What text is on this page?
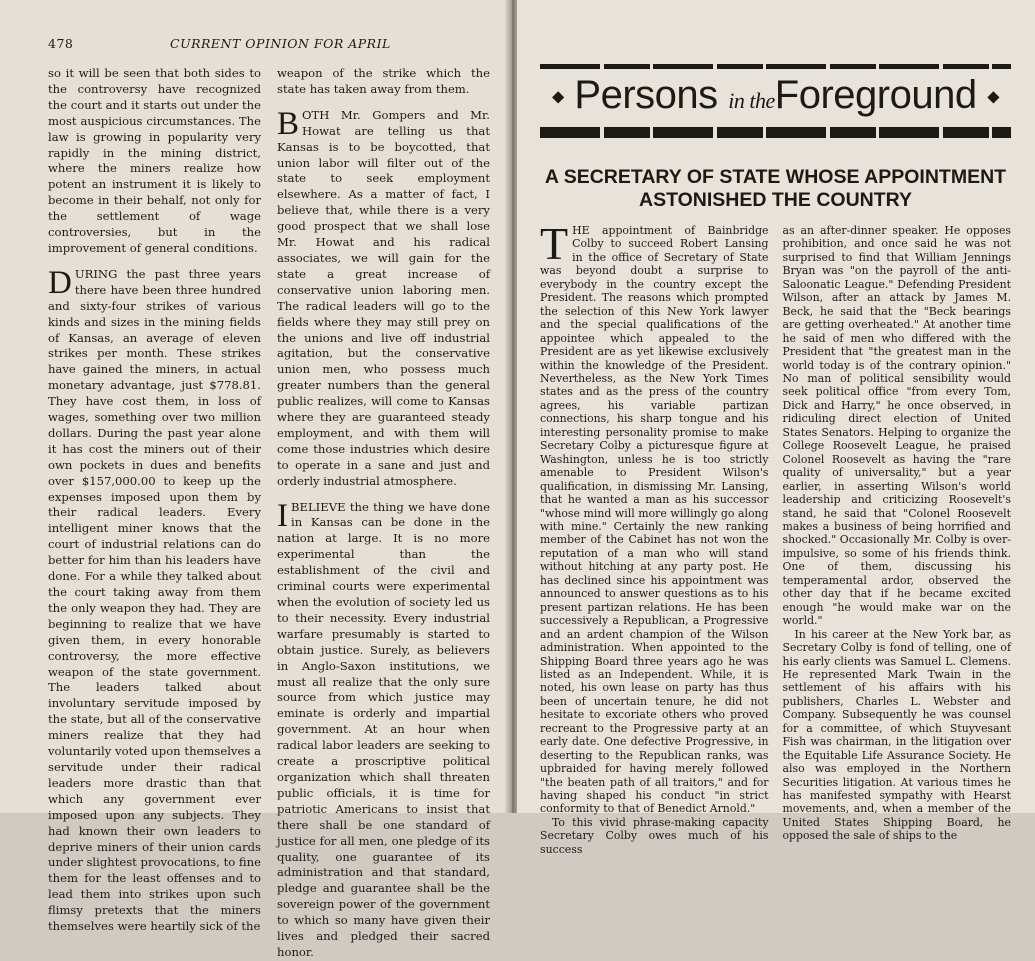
478	CURRENT OPINION FOR APRIL

so it will be seen that both sides to the controversy have recognized the court and it starts out under the most auspicious circumstances. The law is growing in popularity very rapidly in the mining district, where the miners realize how potent an instrument it is likely to become in their behalf, not only for the settlement of wage controversies, but in the improvement of general conditions.

DURING the past three years there have been three hundred and sixty-four strikes of various kinds and sizes in the mining fields of Kansas, an average of eleven strikes per month. These strikes have gained the miners, in actual monetary advantage, just $778.81. They have cost them, in loss of wages, something over two million dollars. During the past year alone it has cost the miners out of their own pockets in dues and benefits over $157,000.00 to keep up the expenses imposed upon them by their radical leaders. Every intelligent miner knows that the court of industrial relations can do better for him than his leaders have done. For a while they talked about the court taking away from them the only weapon they had. They are beginning to realize that we have given them, in every honorable controversy, the more effective weapon of the state government. The leaders talked about involuntary servitude imposed by the state, but all of the conservative miners realize that they had voluntarily voted upon themselves a servitude under their radical leaders more drastic than that which any government ever imposed upon any subjects. They had known their own leaders to deprive miners of their union cards under slightest provocations, to fine them for the least offenses and to lead them into strikes upon such flimsy pretexts that the miners themselves were heartily sick of the

weapon of the strike which the state has taken away from them.

BOTH Mr. Gompers and Mr. Howat are telling us that Kansas is to be boycotted, that union labor will filter out of the state to seek employment elsewhere. As a matter of fact, I believe that, while there is a very good prospect that we shall lose Mr. Howat and his radical associates, we will gain for the state a great increase of conservative union laboring men. The radical leaders will go to the fields where they may still prey on the unions and live off industrial agitation, but the conservative union men, who possess much greater numbers than the general public realizes, will come to Kansas where they are guaranteed steady employment, and with them will come those industries which desire to operate in a sane and just and orderly industrial atmosphere.

I BELIEVE the thing we have done in Kansas can be done in the nation at large. It is no more experimental than the establishment of the civil and criminal courts were experimental when the evolution of society led us to their necessity. Every industrial warfare presumably is started to obtain justice. Surely, as believers in Anglo-Saxon institutions, we must all realize that the only sure source from which justice may eminate is orderly and impartial government. At an hour when radical labor leaders are seeking to create a proscriptive political organization which shall threaten public officials, it is time for patriotic Americans to insist that there shall be one standard of justice for all men, one pledge of its quality, one guarantee of its administration and that standard, pledge and guarantee shall be the sovereign power of the government to which so many have given their lives and pledged their sacred honor.

◆ Persons in theForeground ◆
A SECRETARY OF STATE WHOSE APPOINTMENT ASTONISHED THE COUNTRY

THE appointment of Bainbridge Colby to succeed Robert Lansing in the office of Secretary of State was beyond doubt a surprise to everybody in the country except the President. The reasons which prompted the selection of this New York lawyer and the special qualifications of the appointee which appealed to the President are as yet likewise exclusively within the knowledge of the President. Nevertheless, as the New York Times states and as the press of the country agrees, his variable partizan connections, his sharp tongue and his interesting personality promise to make Secretary Colby a picturesque figure at Washington, unless he is too strictly amenable to President Wilson's qualification, in dismissing Mr. Lansing, that he wanted a man as his successor "whose mind will more willingly go along with mine." Certainly the new ranking member of the Cabinet has not won the reputation of a man who will stand without hitching at any party post. He has declined since his appointment was announced to answer questions as to his present partizan relations. He has been successively a Republican, a Progressive and an ardent champion of the Wilson administration. When appointed to the Shipping Board three years ago he was listed as an Independent. While, it is noted, his own lease on party has thus been of uncertain tenure, he did not hesitate to excoriate others who proved recreant to the Progressive party at an early date. One defective Progressive, in deserting to the Republican ranks, was upbraided for having merely followed "the beaten path of all traitors," and for having shaped his conduct "in strict conformity to that of Benedict Arnold."

To this vivid phrase-making capacity Secretary Colby owes much of his success

as an after-dinner speaker. He opposes prohibition, and once said he was not surprised to find that William Jennings Bryan was "on the payroll of the anti-Saloonatic League." Defending President Wilson, after an attack by James M. Beck, he said that the "Beck bearings are getting overheated." At another time he said of men who differed with the President that "the greatest man in the world today is of the contrary opinion." No man of political sensibility would seek political office "from every Tom, Dick and Harry," he once observed, in ridiculing direct election of United States Senators. Helping to organize the College Roosevelt League, he praised Colonel Roosevelt as having the "rare quality of universality," but a year earlier, in asserting Wilson's world leadership and criticizing Roosevelt's stand, he said that "Colonel Roosevelt makes a business of being horrified and shocked." Occasionally Mr. Colby is over-impulsive, so some of his friends think. One of them, discussing his temperamental ardor, observed the other day that if he became excited enough "he would make war on the world."

In his career at the New York bar, as Secretary Colby is fond of telling, one of his early clients was Samuel L. Clemens. He represented Mark Twain in the settlement of his affairs with his publishers, Charles L. Webster and Company. Subsequently he was counsel for a committee, of which Stuyvesant Fish was chairman, in the litigation over the Equitable Life Assurance Society. He also was employed in the Northern Securities litigation. At various times he has manifested sympathy with Hearst movements, and, when a member of the United States Shipping Board, he opposed the sale of ships to the
